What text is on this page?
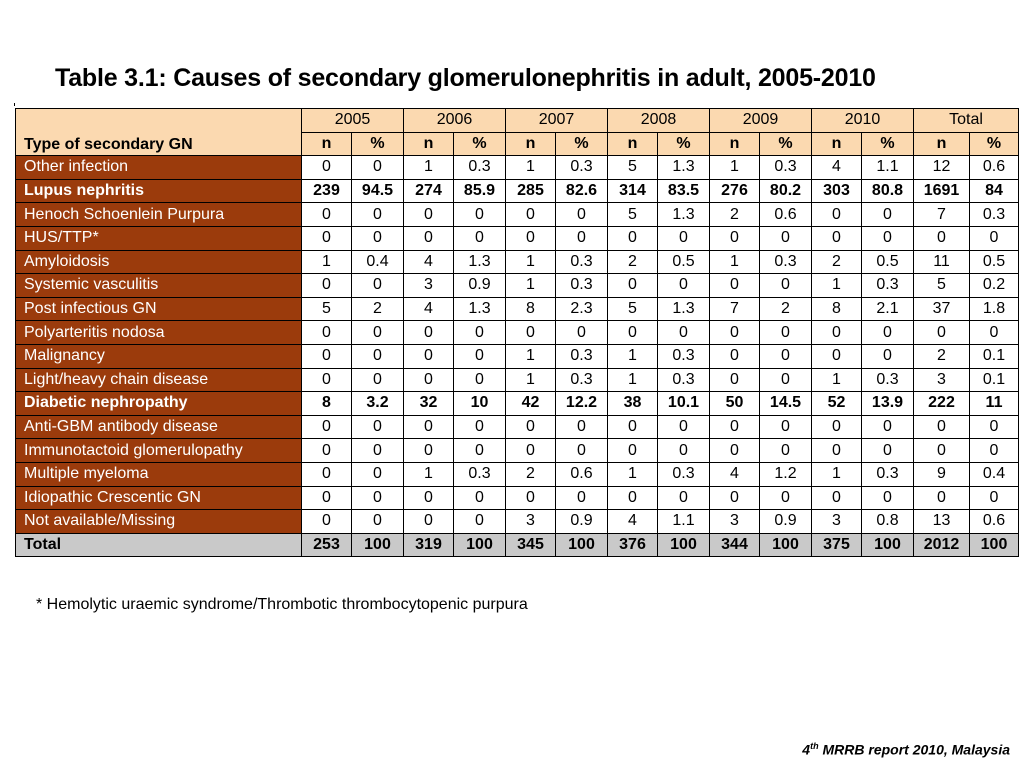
Table 3.1: Causes of secondary glomerulonephritis in adult, 2005-2010
Type of secondary GN	2005		2006		2007		2008		2009		2010		Total	
	n	%	n	%	n	%	n	%	n	%	n	%	n	%
Other infection	0	0	1	0.3	1	0.3	5	1.3	1	0.3	4	1.1	12	0.6
Lupus nephritis	239	94.5	274	85.9	285	82.6	314	83.5	276	80.2	303	80.8	1691	84
Henoch Schoenlein Purpura	0	0	0	0	0	0	5	1.3	2	0.6	0	0	7	0.3
HUS/TTP*	0	0	0	0	0	0	0	0	0	0	0	0	0	0
Amyloidosis	1	0.4	4	1.3	1	0.3	2	0.5	1	0.3	2	0.5	11	0.5
Systemic vasculitis	0	0	3	0.9	1	0.3	0	0	0	0	1	0.3	5	0.2
Post infectious GN	5	2	4	1.3	8	2.3	5	1.3	7	2	8	2.1	37	1.8
Polyarteritis nodosa	0	0	0	0	0	0	0	0	0	0	0	0	0	0
Malignancy	0	0	0	0	1	0.3	1	0.3	0	0	0	0	2	0.1
Light/heavy chain disease	0	0	0	0	1	0.3	1	0.3	0	0	1	0.3	3	0.1
Diabetic nephropathy	8	3.2	32	10	42	12.2	38	10.1	50	14.5	52	13.9	222	11
Anti-GBM antibody disease	0	0	0	0	0	0	0	0	0	0	0	0	0	0
Immunotactoid glomerulopathy	0	0	0	0	0	0	0	0	0	0	0	0	0	0
Multiple myeloma	0	0	1	0.3	2	0.6	1	0.3	4	1.2	1	0.3	9	0.4
Idiopathic Crescentic GN	0	0	0	0	0	0	0	0	0	0	0	0	0	0
Not available/Missing	0	0	0	0	3	0.9	4	1.1	3	0.9	3	0.8	13	0.6
Total	253	100	319	100	345	100	376	100	344	100	375	100	2012	100
* Hemolytic uraemic syndrome/Thrombotic thrombocytopenic purpura
4th MRRB report 2010, Malaysia
